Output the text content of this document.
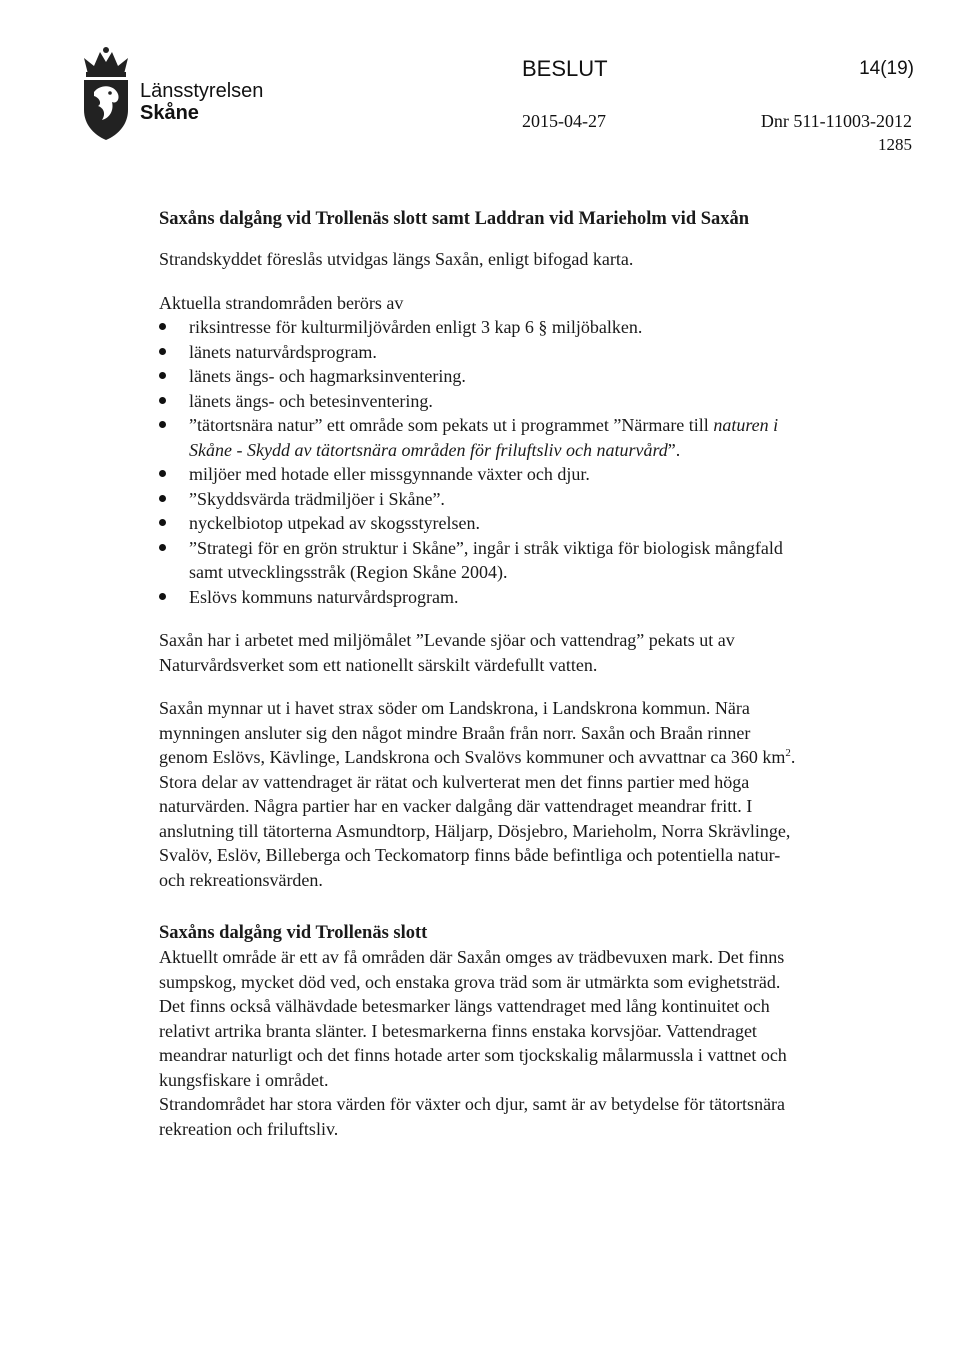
Länsstyrelsen
Skåne
BESLUT	14(19)
2015-04-27	Dnr 511-11003-2012
1285
Saxåns dalgång vid Trollenäs slott samt Laddran vid Marieholm vid Saxån

Strandskyddet föreslås utvidgas längs Saxån, enligt bifogad karta.

Aktuella strandområden berörs av

riksintresse för kulturmiljövården enligt 3 kap 6 § miljöbalken.
länets naturvårdsprogram.
länets ängs- och hagmarksinventering.
länets ängs- och betesinventering.
”tätortsnära natur” ett område som pekats ut i programmet ”Närmare till naturen i Skåne - Skydd av tätortsnära områden för friluftsliv och naturvård”.
miljöer med hotade eller missgynnande växter och djur.
”Skyddsvärda trädmiljöer i Skåne”.
nyckelbiotop utpekad av skogsstyrelsen.
”Strategi för en grön struktur i Skåne”, ingår i stråk viktiga för biologisk mångfald samt utvecklingsstråk (Region Skåne 2004).
Eslövs kommuns naturvårdsprogram.

Saxån har i arbetet med miljömålet ”Levande sjöar och vattendrag” pekats ut av Naturvårdsverket som ett nationellt särskilt värdefullt vatten.

Saxån mynnar ut i havet strax söder om Landskrona, i Landskrona kommun. Nära mynningen ansluter sig den något mindre Braån från norr. Saxån och Braån rinner genom Eslövs, Kävlinge, Landskrona och Svalövs kommuner och avvattnar ca 360 $km^2$. Stora delar av vattendraget är rätat och kulverterat men det finns partier med höga naturvärden. Några partier har en vacker dalgång där vattendraget meandrar fritt. I anslutning till tätorterna Asmundtorp, Häljarp, Dösjebro, Marieholm, Norra Skrävlinge, Svalöv, Eslöv, Billeberga och Teckomatorp finns både befintliga och potentiella natur- och rekreationsvärden.

Saxåns dalgång vid Trollenäs slott

Aktuellt område är ett av få områden där Saxån omges av trädbevuxen mark. Det finns sumpskog, mycket död ved, och enstaka grova träd som är utmärkta som evighetsträd. Det finns också välhävdade betesmarker längs vattendraget med lång kontinuitet och relativt artrika branta slänter. I betesmarkerna finns enstaka korvsjöar. Vattendraget meandrar naturligt och det finns hotade arter som tjockskalig målarmussla i vattnet och kungsfiskare i området.

Strandområdet har stora värden för växter och djur, samt är av betydelse för tätortsnära rekreation och friluftsliv.
